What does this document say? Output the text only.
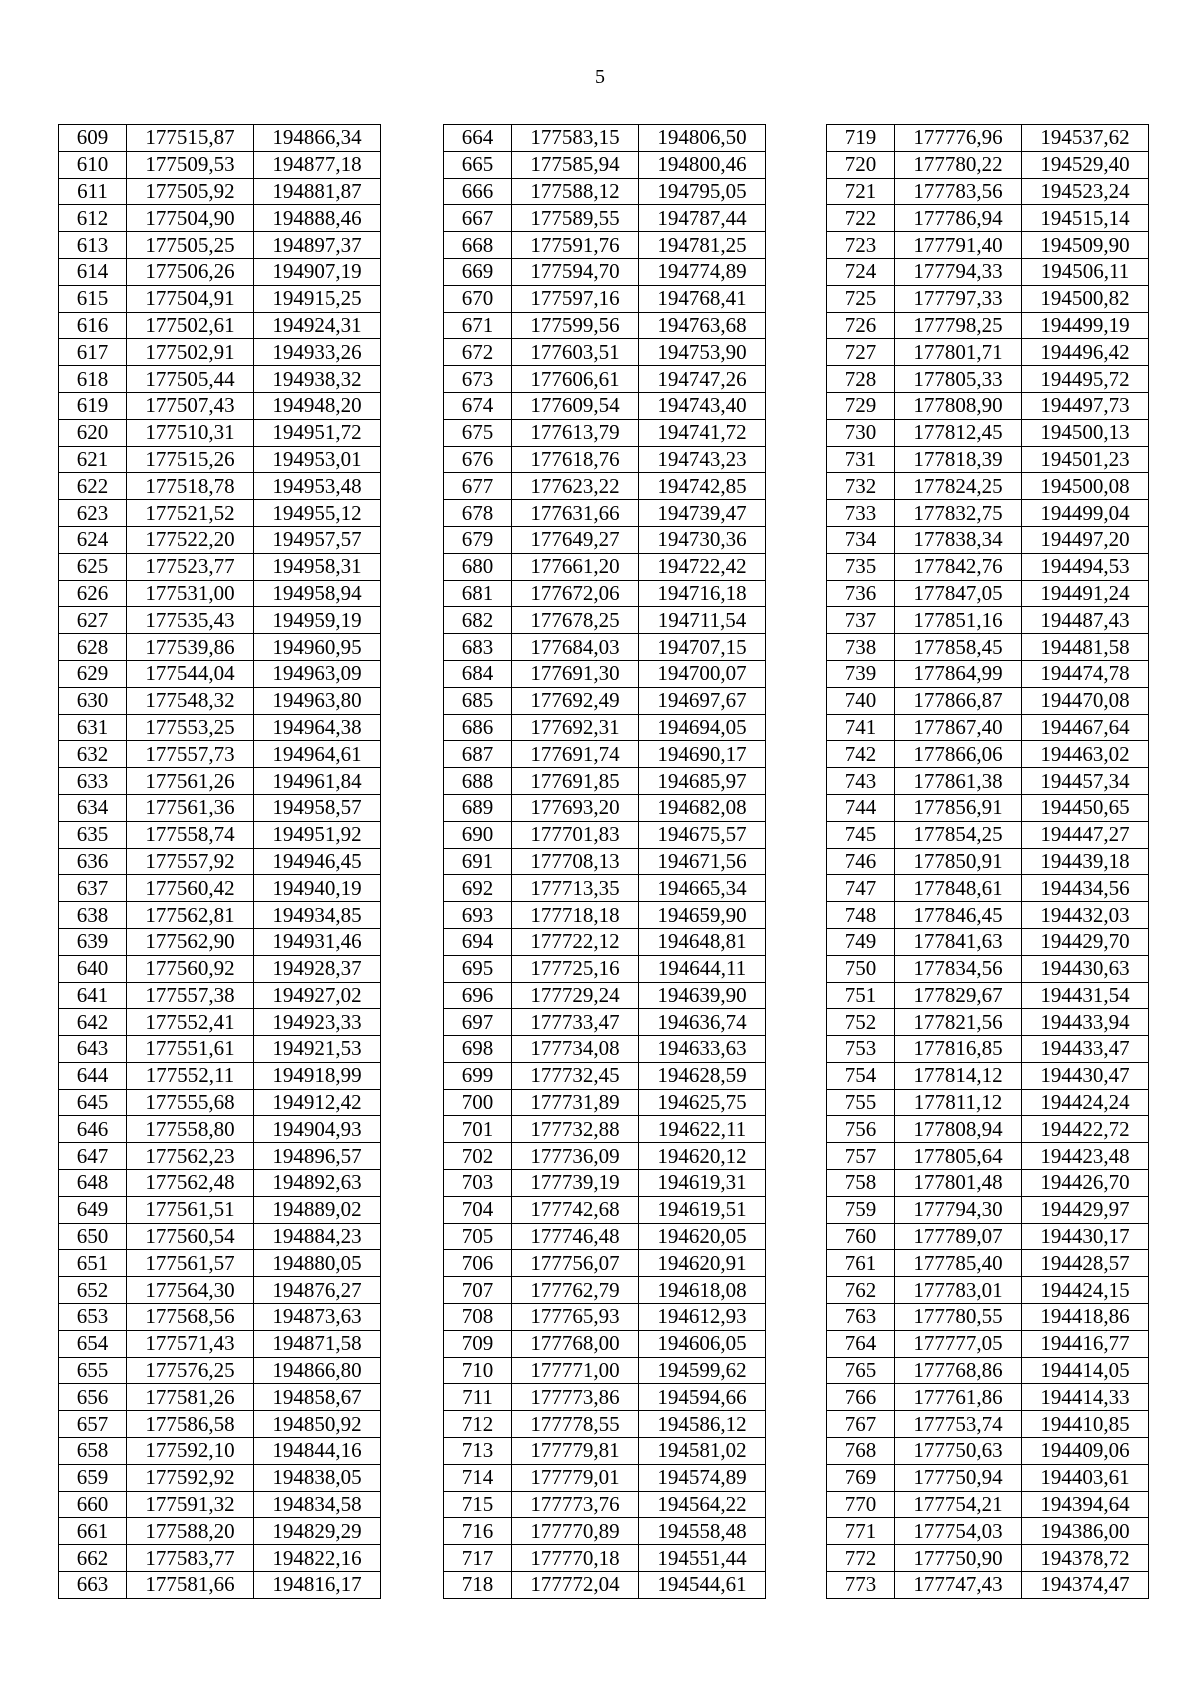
5
609	177515,87	194866,34
610	177509,53	194877,18
611	177505,92	194881,87
612	177504,90	194888,46
613	177505,25	194897,37
614	177506,26	194907,19
615	177504,91	194915,25
616	177502,61	194924,31
617	177502,91	194933,26
618	177505,44	194938,32
619	177507,43	194948,20
620	177510,31	194951,72
621	177515,26	194953,01
622	177518,78	194953,48
623	177521,52	194955,12
624	177522,20	194957,57
625	177523,77	194958,31
626	177531,00	194958,94
627	177535,43	194959,19
628	177539,86	194960,95
629	177544,04	194963,09
630	177548,32	194963,80
631	177553,25	194964,38
632	177557,73	194964,61
633	177561,26	194961,84
634	177561,36	194958,57
635	177558,74	194951,92
636	177557,92	194946,45
637	177560,42	194940,19
638	177562,81	194934,85
639	177562,90	194931,46
640	177560,92	194928,37
641	177557,38	194927,02
642	177552,41	194923,33
643	177551,61	194921,53
644	177552,11	194918,99
645	177555,68	194912,42
646	177558,80	194904,93
647	177562,23	194896,57
648	177562,48	194892,63
649	177561,51	194889,02
650	177560,54	194884,23
651	177561,57	194880,05
652	177564,30	194876,27
653	177568,56	194873,63
654	177571,43	194871,58
655	177576,25	194866,80
656	177581,26	194858,67
657	177586,58	194850,92
658	177592,10	194844,16
659	177592,92	194838,05
660	177591,32	194834,58
661	177588,20	194829,29
662	177583,77	194822,16
663	177581,66	194816,17
664	177583,15	194806,50
665	177585,94	194800,46
666	177588,12	194795,05
667	177589,55	194787,44
668	177591,76	194781,25
669	177594,70	194774,89
670	177597,16	194768,41
671	177599,56	194763,68
672	177603,51	194753,90
673	177606,61	194747,26
674	177609,54	194743,40
675	177613,79	194741,72
676	177618,76	194743,23
677	177623,22	194742,85
678	177631,66	194739,47
679	177649,27	194730,36
680	177661,20	194722,42
681	177672,06	194716,18
682	177678,25	194711,54
683	177684,03	194707,15
684	177691,30	194700,07
685	177692,49	194697,67
686	177692,31	194694,05
687	177691,74	194690,17
688	177691,85	194685,97
689	177693,20	194682,08
690	177701,83	194675,57
691	177708,13	194671,56
692	177713,35	194665,34
693	177718,18	194659,90
694	177722,12	194648,81
695	177725,16	194644,11
696	177729,24	194639,90
697	177733,47	194636,74
698	177734,08	194633,63
699	177732,45	194628,59
700	177731,89	194625,75
701	177732,88	194622,11
702	177736,09	194620,12
703	177739,19	194619,31
704	177742,68	194619,51
705	177746,48	194620,05
706	177756,07	194620,91
707	177762,79	194618,08
708	177765,93	194612,93
709	177768,00	194606,05
710	177771,00	194599,62
711	177773,86	194594,66
712	177778,55	194586,12
713	177779,81	194581,02
714	177779,01	194574,89
715	177773,76	194564,22
716	177770,89	194558,48
717	177770,18	194551,44
718	177772,04	194544,61
719	177776,96	194537,62
720	177780,22	194529,40
721	177783,56	194523,24
722	177786,94	194515,14
723	177791,40	194509,90
724	177794,33	194506,11
725	177797,33	194500,82
726	177798,25	194499,19
727	177801,71	194496,42
728	177805,33	194495,72
729	177808,90	194497,73
730	177812,45	194500,13
731	177818,39	194501,23
732	177824,25	194500,08
733	177832,75	194499,04
734	177838,34	194497,20
735	177842,76	194494,53
736	177847,05	194491,24
737	177851,16	194487,43
738	177858,45	194481,58
739	177864,99	194474,78
740	177866,87	194470,08
741	177867,40	194467,64
742	177866,06	194463,02
743	177861,38	194457,34
744	177856,91	194450,65
745	177854,25	194447,27
746	177850,91	194439,18
747	177848,61	194434,56
748	177846,45	194432,03
749	177841,63	194429,70
750	177834,56	194430,63
751	177829,67	194431,54
752	177821,56	194433,94
753	177816,85	194433,47
754	177814,12	194430,47
755	177811,12	194424,24
756	177808,94	194422,72
757	177805,64	194423,48
758	177801,48	194426,70
759	177794,30	194429,97
760	177789,07	194430,17
761	177785,40	194428,57
762	177783,01	194424,15
763	177780,55	194418,86
764	177777,05	194416,77
765	177768,86	194414,05
766	177761,86	194414,33
767	177753,74	194410,85
768	177750,63	194409,06
769	177750,94	194403,61
770	177754,21	194394,64
771	177754,03	194386,00
772	177750,90	194378,72
773	177747,43	194374,47
